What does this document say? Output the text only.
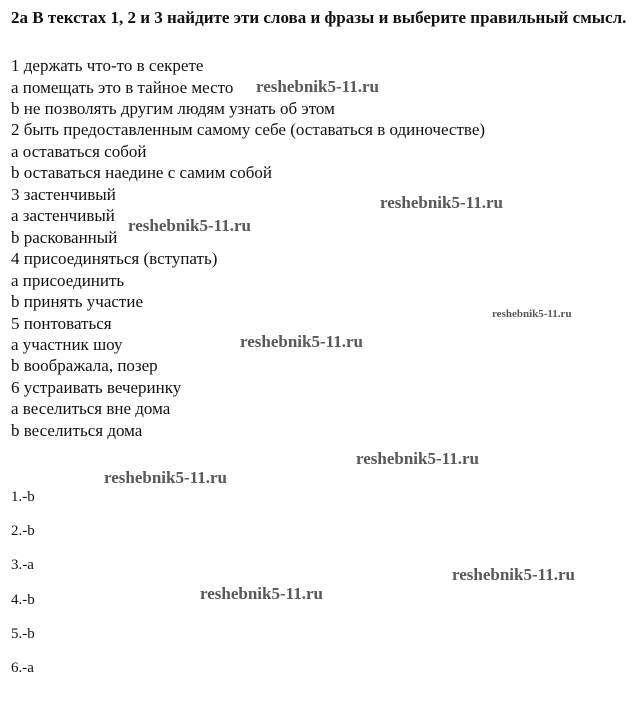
2a В текстах 1, 2 и 3 найдите эти слова и фразы и выберите правильный смысл.
1 держать что-то в секрете
a помещать это в тайное место
b не позволять другим людям узнать об этом
2 быть предоставленным самому себе (оставаться в одиночестве)
a оставаться собой
b оставаться наедине с самим собой
3 застенчивый
a застенчивый
b раскованный
4 присоединяться (вступать)
a присоединить
b принять участие
5 понтоваться
a участник шоу
b воображала, позер
6 устраивать вечеринку
a веселиться вне дома
b веселиться дома
1.-b
2.-b
3.-a
4.-b
5.-b
6.-a
reshebnik5-11.ru
reshebnik5-11.ru
reshebnik5-11.ru
reshebnik5-11.ru
reshebnik5-11.ru
reshebnik5-11.ru
reshebnik5-11.ru
reshebnik5-11.ru
reshebnik5-11.ru
